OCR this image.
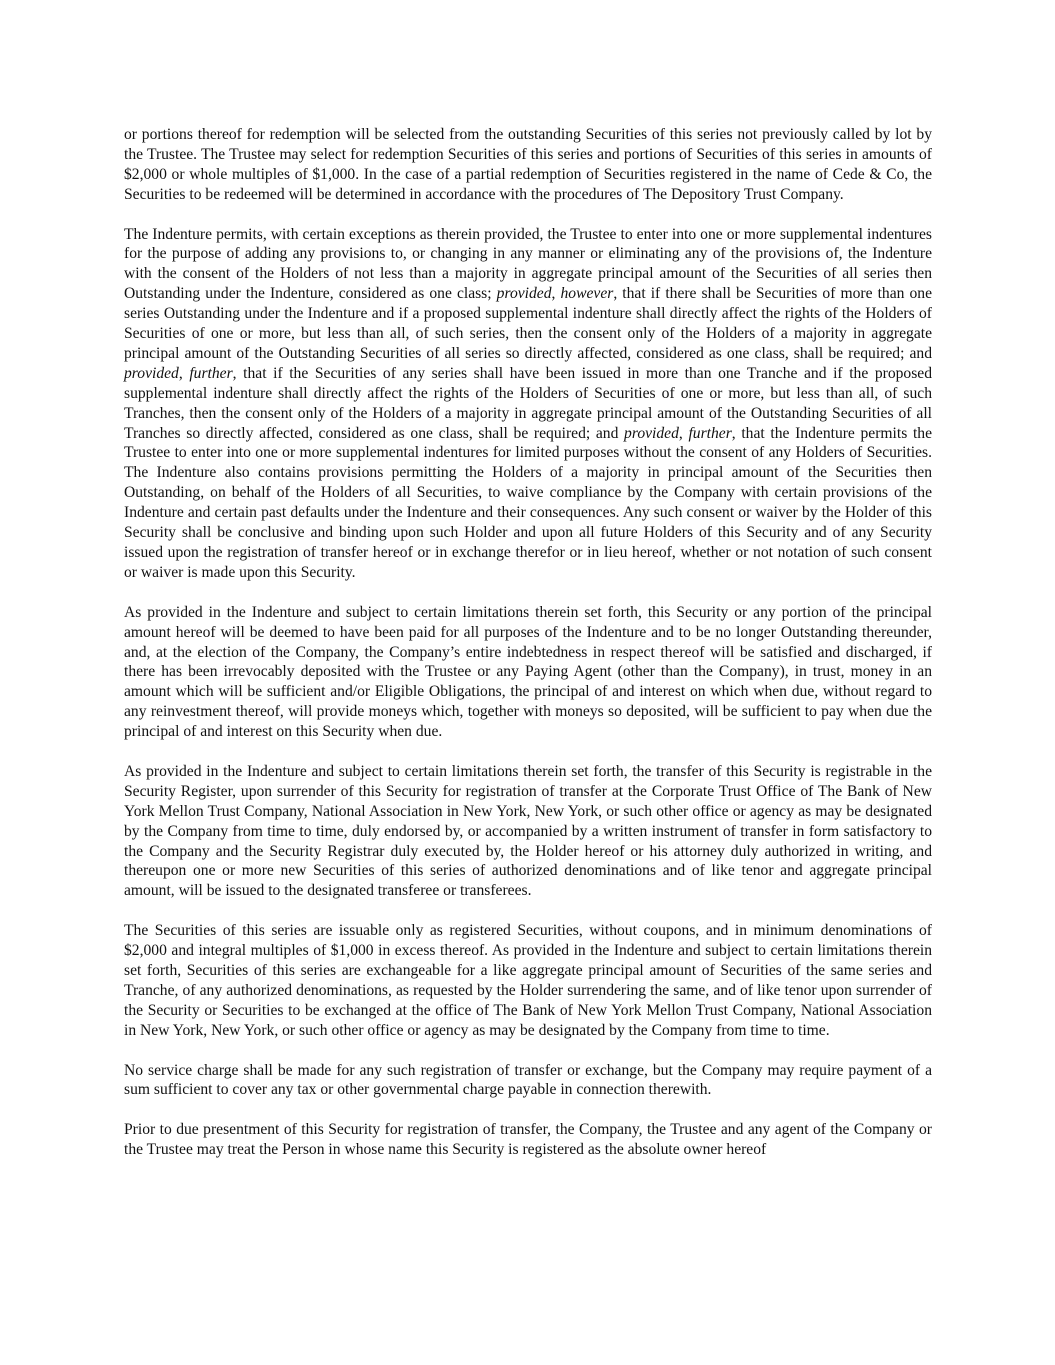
or portions thereof for redemption will be selected from the outstanding Securities of this series not previously called by lot by the Trustee. The Trustee may select for redemption Securities of this series and portions of Securities of this series in amounts of $2,000 or whole multiples of $1,000. In the case of a partial redemption of Securities registered in the name of Cede & Co, the Securities to be redeemed will be determined in accordance with the procedures of The Depository Trust Company.

The Indenture permits, with certain exceptions as therein provided, the Trustee to enter into one or more supplemental indentures for the purpose of adding any provisions to, or changing in any manner or eliminating any of the provisions of, the Indenture with the consent of the Holders of not less than a majority in aggregate principal amount of the Securities of all series then Outstanding under the Indenture, considered as one class; provided, however, that if there shall be Securities of more than one series Outstanding under the Indenture and if a proposed supplemental indenture shall directly affect the rights of the Holders of Securities of one or more, but less than all, of such series, then the consent only of the Holders of a majority in aggregate principal amount of the Outstanding Securities of all series so directly affected, considered as one class, shall be required; and provided, further, that if the Securities of any series shall have been issued in more than one Tranche and if the proposed supplemental indenture shall directly affect the rights of the Holders of Securities of one or more, but less than all, of such Tranches, then the consent only of the Holders of a majority in aggregate principal amount of the Outstanding Securities of all Tranches so directly affected, considered as one class, shall be required; and provided, further, that the Indenture permits the Trustee to enter into one or more supplemental indentures for limited purposes without the consent of any Holders of Securities. The Indenture also contains provisions permitting the Holders of a majority in principal amount of the Securities then Outstanding, on behalf of the Holders of all Securities, to waive compliance by the Company with certain provisions of the Indenture and certain past defaults under the Indenture and their consequences. Any such consent or waiver by the Holder of this Security shall be conclusive and binding upon such Holder and upon all future Holders of this Security and of any Security issued upon the registration of transfer hereof or in exchange therefor or in lieu hereof, whether or not notation of such consent or waiver is made upon this Security.

As provided in the Indenture and subject to certain limitations therein set forth, this Security or any portion of the principal amount hereof will be deemed to have been paid for all purposes of the Indenture and to be no longer Outstanding thereunder, and, at the election of the Company, the Company’s entire indebtedness in respect thereof will be satisfied and discharged, if there has been irrevocably deposited with the Trustee or any Paying Agent (other than the Company), in trust, money in an amount which will be sufficient and/or Eligible Obligations, the principal of and interest on which when due, without regard to any reinvestment thereof, will provide moneys which, together with moneys so deposited, will be sufficient to pay when due the principal of and interest on this Security when due.

As provided in the Indenture and subject to certain limitations therein set forth, the transfer of this Security is registrable in the Security Register, upon surrender of this Security for registration of transfer at the Corporate Trust Office of The Bank of New York Mellon Trust Company, National Association in New York, New York, or such other office or agency as may be designated by the Company from time to time, duly endorsed by, or accompanied by a written instrument of transfer in form satisfactory to the Company and the Security Registrar duly executed by, the Holder hereof or his attorney duly authorized in writing, and thereupon one or more new Securities of this series of authorized denominations and of like tenor and aggregate principal amount, will be issued to the designated transferee or transferees.

The Securities of this series are issuable only as registered Securities, without coupons, and in minimum denominations of $2,000 and integral multiples of $1,000 in excess thereof. As provided in the Indenture and subject to certain limitations therein set forth, Securities of this series are exchangeable for a like aggregate principal amount of Securities of the same series and Tranche, of any authorized denominations, as requested by the Holder surrendering the same, and of like tenor upon surrender of the Security or Securities to be exchanged at the office of The Bank of New York Mellon Trust Company, National Association in New York, New York, or such other office or agency as may be designated by the Company from time to time.

No service charge shall be made for any such registration of transfer or exchange, but the Company may require payment of a sum sufficient to cover any tax or other governmental charge payable in connection therewith.

Prior to due presentment of this Security for registration of transfer, the Company, the Trustee and any agent of the Company or the Trustee may treat the Person in whose name this Security is registered as the absolute owner hereof
